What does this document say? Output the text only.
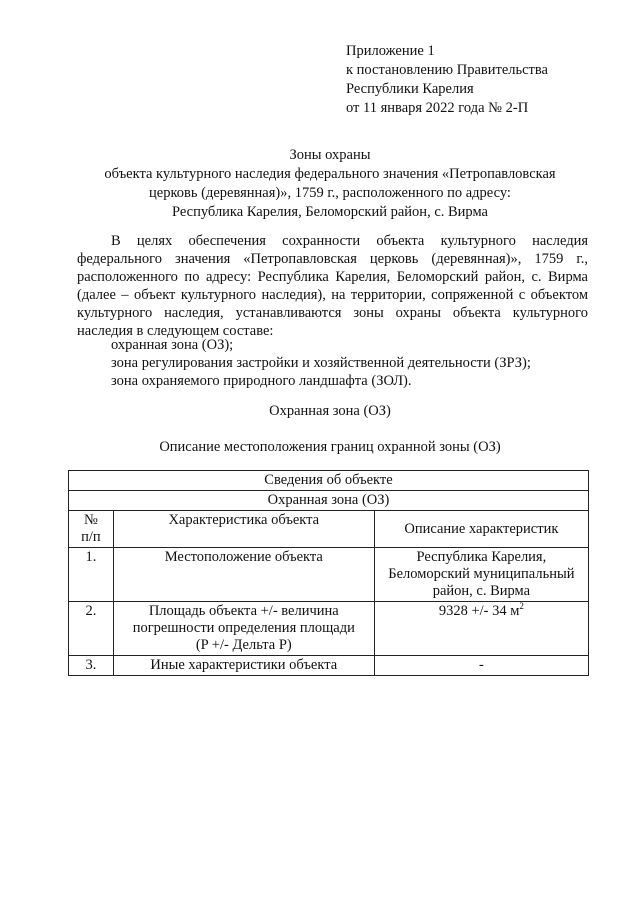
Приложение 1
к постановлению Правительства
Республики Карелия
от 11 января 2022 года № 2-П
Зоны охраны
объекта культурного наследия федерального значения «Петропавловская
церковь (деревянная)», 1759 г., расположенного по адресу:
Республика Карелия, Беломорский район, с. Вирма

В целях обеспечения сохранности объекта культурного наследия федерального значения «Петропавловская церковь (деревянная)», 1759 г., расположенного по адресу: Республика Карелия, Беломорский район, с. Вирма (далее – объект культурного наследия), на территории, сопряженной с объектом культурного наследия, устанавливаются зоны охраны объекта культурного наследия в следующем составе:

охранная зона (ОЗ);
зона регулирования застройки и хозяйственной деятельности (ЗРЗ);
зона охраняемого природного ландшафта (ЗОЛ).
Охранная зона (ОЗ)
Описание местоположения границ охранной зоны (ОЗ)
Сведения об объекте		
Охранная зона (ОЗ)		

№
п/п	Характеристика объекта	Описание характеристик
1.	Местоположение объекта	Республика Карелия,
Беломорский муниципальный
район, с. Вирма

2.	Площадь объекта +/- величина
погрешности определения площади
(P +/- Дельта P)	9328 +/- 34 $м^2$
3.	Иные характеристики объекта	-
